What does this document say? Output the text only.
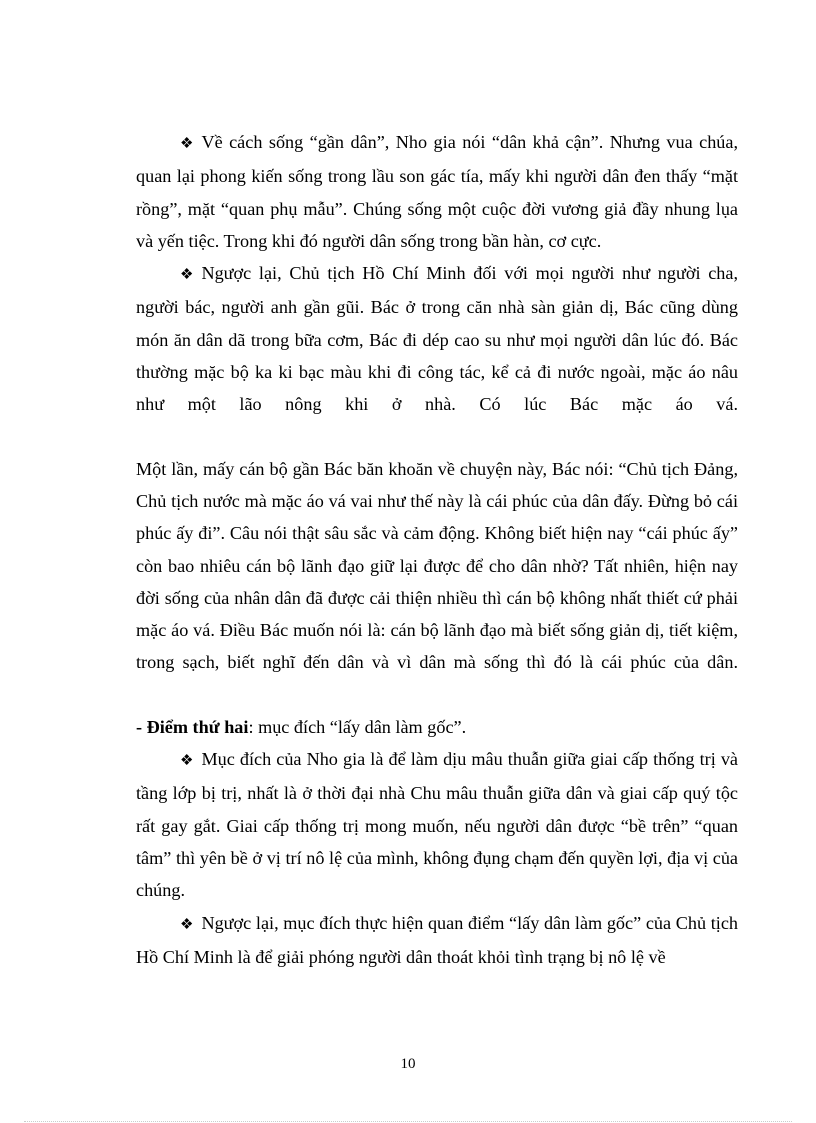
❖ Về cách sống “gần dân”, Nho gia nói “dân khả cận”. Nhưng vua chúa, quan lại phong kiến sống trong lầu son gác tía, mấy khi người dân đen thấy “mặt rồng”, mặt “quan phụ mẫu”. Chúng sống một cuộc đời vương giả đầy nhung lụa và yến tiệc. Trong khi đó người dân sống trong bần hàn, cơ cực.

❖ Ngược lại, Chủ tịch Hồ Chí Minh đối với mọi người như người cha, người bác, người anh gần gũi. Bác ở trong căn nhà sàn giản dị, Bác cũng dùng món ăn dân dã trong bữa cơm, Bác đi dép cao su như mọi người dân lúc đó. Bác thường mặc bộ ka ki bạc màu khi đi công tác, kể cả đi nước ngoài, mặc áo nâu như một lão nông khi ở nhà. Có lúc Bác mặc áo vá.

Một lần, mấy cán bộ gần Bác băn khoăn về chuyện này, Bác nói: “Chủ tịch Đảng, Chủ tịch nước mà mặc áo vá vai như thế này là cái phúc của dân đấy. Đừng bỏ cái phúc ấy đi”. Câu nói thật sâu sắc và cảm động. Không biết hiện nay “cái phúc ấy” còn bao nhiêu cán bộ lãnh đạo giữ lại được để cho dân nhờ? Tất nhiên, hiện nay đời sống của nhân dân đã được cải thiện nhiều thì cán bộ không nhất thiết cứ phải mặc áo vá. Điều Bác muốn nói là: cán bộ lãnh đạo mà biết sống giản dị, tiết kiệm, trong sạch, biết nghĩ đến dân và vì dân mà sống thì đó là cái phúc của dân.

- Điểm thứ hai: mục đích “lấy dân làm gốc”.

❖ Mục đích của Nho gia là để làm dịu mâu thuẫn giữa giai cấp thống trị và tầng lớp bị trị, nhất là ở thời đại nhà Chu mâu thuẫn giữa dân và giai cấp quý tộc rất gay gắt. Giai cấp thống trị mong muốn, nếu người dân được “bề trên” “quan tâm” thì yên bề ở vị trí nô lệ của mình, không đụng chạm đến quyền lợi, địa vị của chúng.

❖ Ngược lại, mục đích thực hiện quan điểm “lấy dân làm gốc” của Chủ tịch Hồ Chí Minh là để giải phóng người dân thoát khỏi tình trạng bị nô lệ về

10
